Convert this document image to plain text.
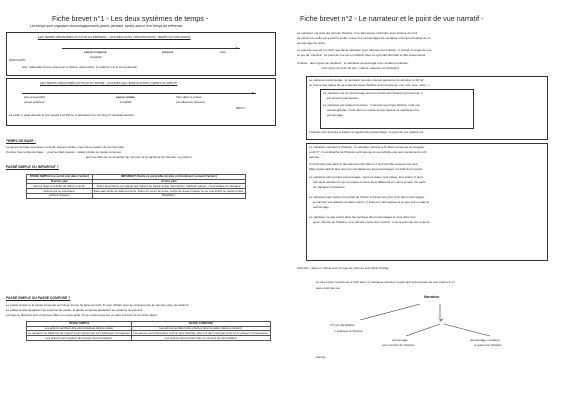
Fiche brevet n°1 - Les deux systèmes de temps -
Les temps sont organisés chronologiquement (avant, pendant, après) autour d'un temps de référence.
LES TEMPS ORGANISÉS AUTOUR DU PRÉSENT : (ANCRÉS DANS L'ÉNONCIATION, TEMPS DU DISCOURS)
▶
passé composé
imparfait
présent	futur
DISCOURS :
Hier, j'attendais le bus quand j'ai vu Pierre. Aujourd'hui, il m'attend. Un le verrai demain.
LES TEMPS ORGANISÉS AUTOUR DU PASSÉ : (COUPÉS DE L'ÉNONCIATION, TEMPS DU RÉCIT)
▶
plus-que-parfait
passé antérieur
passé simple
imparfait
futur dans le passé
(conditionnel présent)
RÉCIT :
La veille, il avait attendu le bus quand il vit Pierre. Il attendait et on lui dit qu'il viendrait demain.
TEMPS DE BASE :
Le temps de base sert assez au fond, avance l'action, ceux de la maison de premier plan.
Il existe trois temps de base : - pour les faits passés : passé simple ou passé composé
- pour les faits qui se déroulent au moment et le narrateur les raconte : le présent
PASSÉ SIMPLE OU IMPARFAIT ?
PASSÉ SIMPLE (ou au fait réel dans l'action)	IMPARFAIT (Cadre ce qui profite de plus profondément souvent l'action)
Premier plan	Arrière-plan
Actions ayant une limite de début et de fin.	Action secondaire par rapport aux actions au passé simple. Description, habitude passée, commentaire du narrateur.
Actions qui se succèdent.	Faits sans limite de début et de fin. Action en cours de durée. Action de durée répétée ou sur une action au passé simple.
Actions uniques.	Répétition.
PASSÉ SIMPLE OU PASSÉ COMPOSÉ ?
Le passé simple et le passé composé sont deux temps de base du récit, ils sont utilisés pour les événements de premier plan, les actions.
Le passé simple appartient au système du passé, le passé composé appartient au système du présent.
Lorsque le discours sont employés dans un même texte, ils se mettent pas sur un plan à temps de la même façon :
PASSÉ SIMPLE	PASSÉ COMPOSÉ
Les actions semblent être plus lointaines dans le passé.	Les actions semblent plus proches dans le passé (dans le présent).
Le narrateur se distancie par rapport à ses actions qui sont achevées et éloignées.	Les actions sont présentées comme plus résultats, elles ont des prolongements sur le présent, conséquence.
Les actions sont coupées du moment de l'énonciation.	Les actions sont ancrées dans le moment de l'énonciation.
Fiche brevet n°2 - Le narrateur et le point de vue narratif -
Le narrateur est celui qui raconte l'histoire. Il ne faut pas le confondre avec l'auteur du récit
(la personne réelle qui a écrit le texte) ni avec les personnages (le narrateur n'est qu'exceptionnel un
personnage du récit).
Le point de vue est un choix que fait le narrateur pour raconter son histoire : il choisit un angle de vue,
un jeu de "caméra". Le point de vue est en relation avec ce qu'il sait des faits et des événements.
Il existe - deux types de narrateur : le narrateur-personnage et le narrateur extérieur.
- trois types de point de vue : interne, externe et omniscient.
Le narrateur-personnage : le narrateur raconte à la fois personne du singulier et dit "je"
on trouve des traces de sa présence dans l'histoire qu'il raconte (je, me, moi, mes, notre...)
Le narrateur est un personnage et/ou un témoin de l'histoire qu'il raconte, il
est souvent par l'auteur.
Le narrateur est l'auteur lui-même : il raconte sa propre histoire, c'est une
autobiographie. C'est alors un même temps l'auteur, le narrateur et le
personnage.
L'histoire est racontée à travers le regard d'un personnage : le point de vue adopté est
Le narrateur extérieur à l'histoire : le narrateur raconte à la 3ème personne du singulier
et dit "il". Il est détaché de l'histoire qu'il raconte et ne participe pas aux événements qu'il
raconte.
Il n'intervient pas dans le déroulement des faits et il récit semble souvent tout seul.
Mais il peut parfois faire des commentaires sur les personnages, les faits dont il parle.
Le narrateur sait tout des personnages : leurs pensées, leur passé, leur avenir. Il peut
tout ainsi raconter ce qui se passe en deux lieux différents en même temps. On parle
du narrateur omniscient.
Le narrateur peut suivre une partie de l'action à travers les yeux d'un des personnages :
le point de vue adopté est alors interne. Il limite les informations à ce que voit ou sait ce
personnage.
Le narrateur ne pas entrer dans les pensées des personnages et n'est alors rien
qu'en, témoin de l'histoire, une caméra posée d'un endroit : c'est le point de vue externe.
Attention : dans un même récit, le type de point de vue choisi change.
Le cas à plus courant est le récit avec un narrateur extérieur à quoi qu'il soit au point de vue interne à un
autre point de vue
Narrateur
"il" non identifiable
= extérieur à l'histoire
"je"
personnage
et/ou témoin de l'histoire
personnage, narrateur
et auteur de l'histoire
interne.
